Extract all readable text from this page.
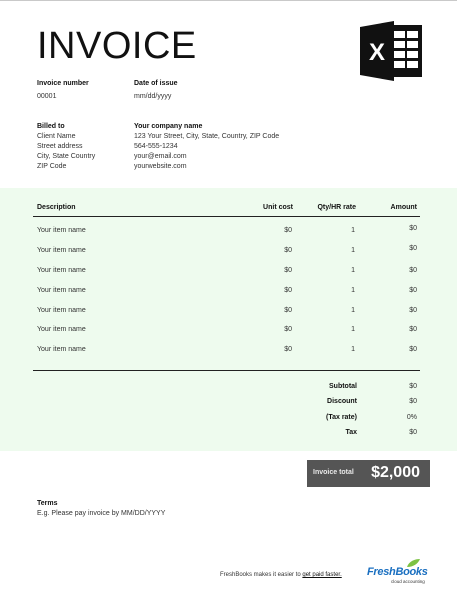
INVOICE	X
Invoice number
00001
Date of issue
mm/dd/yyyy
Billed to
Client Name
Street address
City, State Country
ZIP Code
Your company name
123 Your Street, City, State, Country, ZIP Code
564-555-1234
your@email.com
yourwebsite.com
Description	Unit cost	Qty/HR rate	Amount
Your item name	$0	1	$0
Your item name	$0	1	$0
Your item name	$0	1	$0
Your item name	$0	1	$0
Your item name	$0	1	$0
Your item name	$0	1	$0
Your item name	$0	1	$0
Subtotal	$0
Discount	$0
(Tax rate)	0%
Tax	$0
Invoice total $2,000
Terms
E.g. Please pay invoice by MM/DD/YYYY
FreshBooks makes it easier to get paid faster. FreshBooks
cloud accounting
